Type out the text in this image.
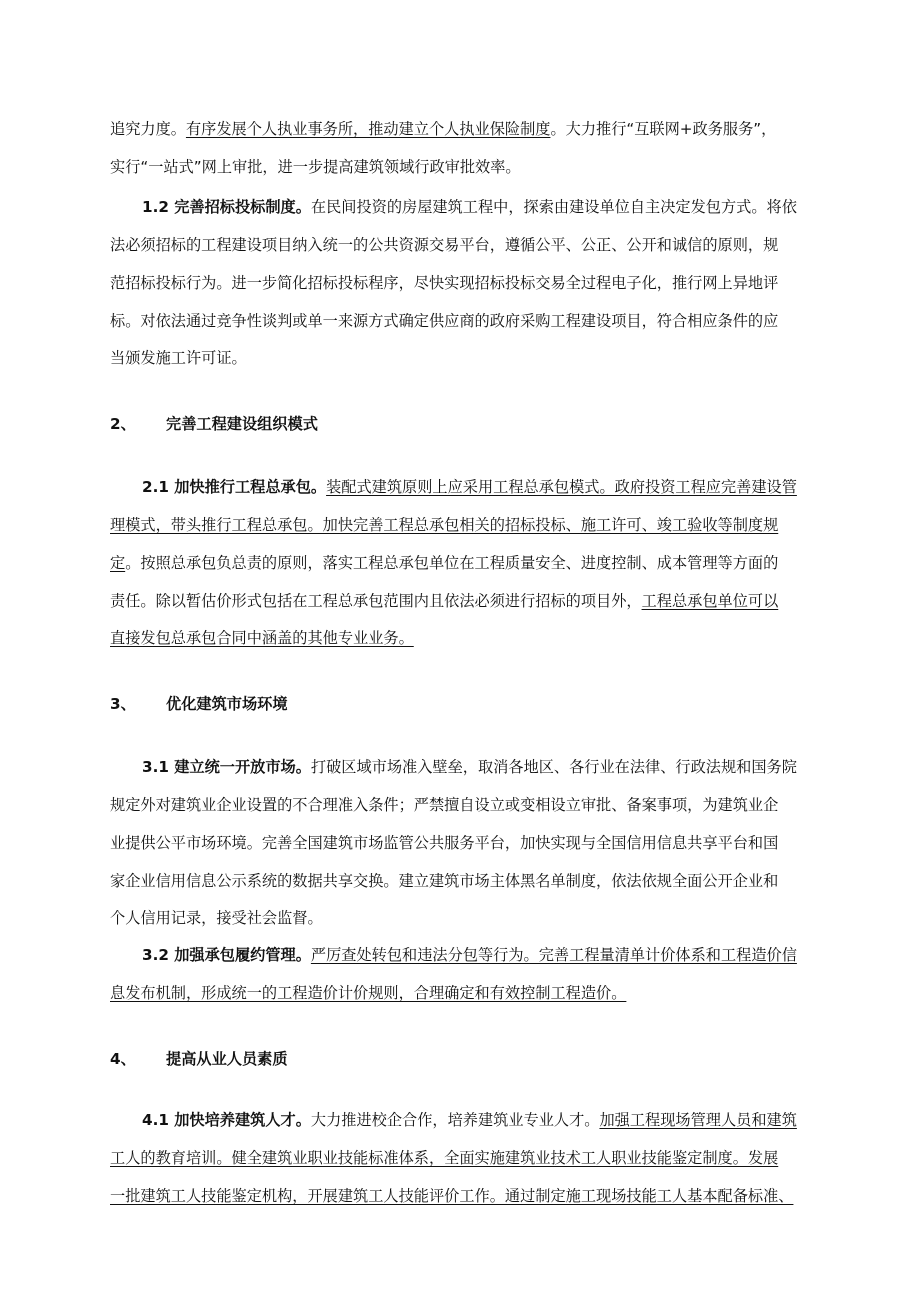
追究力度。有序发展个人执业事务所，推动建立个人执业保险制度。大力推行“互联网+政务服务”，
实行“一站式”网上审批，进一步提高建筑领域行政审批效率。
1.2 完善招标投标制度。在民间投资的房屋建筑工程中，探索由建设单位自主决定发包方式。将依
法必须招标的工程建设项目纳入统一的公共资源交易平台，遵循公平、公正、公开和诚信的原则，规
范招标投标行为。进一步简化招标投标程序，尽快实现招标投标交易全过程电子化，推行网上异地评
标。对依法通过竞争性谈判或单一来源方式确定供应商的政府采购工程建设项目，符合相应条件的应
当颁发施工许可证。
2、 完善工程建设组织模式
2.1 加快推行工程总承包。装配式建筑原则上应采用工程总承包模式。政府投资工程应完善建设管
理模式，带头推行工程总承包。加快完善工程总承包相关的招标投标、施工许可、竣工验收等制度规
定。按照总承包负总责的原则，落实工程总承包单位在工程质量安全、进度控制、成本管理等方面的
责任。除以暂估价形式包括在工程总承包范围内且依法必须进行招标的项目外，工程总承包单位可以
直接发包总承包合同中涵盖的其他专业业务。
3、 优化建筑市场环境
3.1 建立统一开放市场。打破区域市场准入壁垒，取消各地区、各行业在法律、行政法规和国务院
规定外对建筑业企业设置的不合理准入条件；严禁擅自设立或变相设立审批、备案事项，为建筑业企
业提供公平市场环境。完善全国建筑市场监管公共服务平台，加快实现与全国信用信息共享平台和国
家企业信用信息公示系统的数据共享交换。建立建筑市场主体黑名单制度，依法依规全面公开企业和
个人信用记录，接受社会监督。
3.2 加强承包履约管理。严厉查处转包和违法分包等行为。完善工程量清单计价体系和工程造价信
息发布机制，形成统一的工程造价计价规则，合理确定和有效控制工程造价。
4、 提高从业人员素质
4.1 加快培养建筑人才。大力推进校企合作，培养建筑业专业人才。加强工程现场管理人员和建筑
工人的教育培训。健全建筑业职业技能标准体系，全面实施建筑业技术工人职业技能鉴定制度。发展
一批建筑工人技能鉴定机构，开展建筑工人技能评价工作。通过制定施工现场技能工人基本配备标准、
